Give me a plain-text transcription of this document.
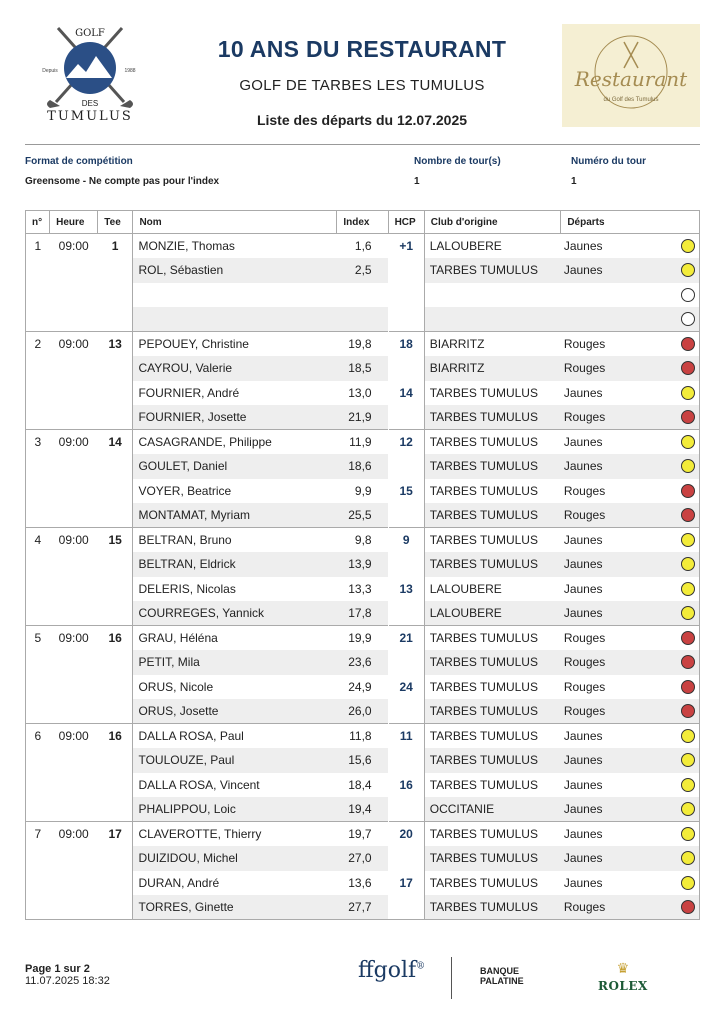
GOLF
Depuis	1988
DES
TUMULUS
10 ANS DU RESTAURANT
GOLF DE TARBES LES TUMULUS
Liste des départs du 12.07.2025
Restaurant
du Golf des Tumulus
Format de compétition
Greensome - Ne compte pas pour l'index
Nombre de tour(s)
1
Numéro du tour
1
n°	Heure	Tee	Nom	Index	HCP	Club d'origine	Départs
1	09:00	1	MONZIE, Thomas	1,6	+1	LALOUBERE	Jaunes

			ROL, Sébastien	2,5		TARBES TUMULUS	Jaunes

2	09:00	13	PEPOUEY, Christine	19,8	18	BIARRITZ	Rouges

			CAYROU, Valerie	18,5		BIARRITZ	Rouges

			FOURNIER, André	13,0	14	TARBES TUMULUS	Jaunes

			FOURNIER, Josette	21,9		TARBES TUMULUS	Rouges

3	09:00	14	CASAGRANDE, Philippe	11,9	12	TARBES TUMULUS	Jaunes

			GOULET, Daniel	18,6		TARBES TUMULUS	Jaunes

			VOYER, Beatrice	9,9	15	TARBES TUMULUS	Rouges

			MONTAMAT, Myriam	25,5		TARBES TUMULUS	Rouges

4	09:00	15	BELTRAN, Bruno	9,8	9	TARBES TUMULUS	Jaunes

			BELTRAN, Eldrick	13,9		TARBES TUMULUS	Jaunes

			DELERIS, Nicolas	13,3	13	LALOUBERE	Jaunes

			COURREGES, Yannick	17,8		LALOUBERE	Jaunes

5	09:00	16	GRAU, Héléna	19,9	21	TARBES TUMULUS	Rouges

			PETIT, Mila	23,6		TARBES TUMULUS	Rouges

			ORUS, Nicole	24,9	24	TARBES TUMULUS	Rouges

			ORUS, Josette	26,0		TARBES TUMULUS	Rouges

6	09:00	16	DALLA ROSA, Paul	11,8	11	TARBES TUMULUS	Jaunes

			TOULOUZE, Paul	15,6		TARBES TUMULUS	Jaunes

			DALLA ROSA, Vincent	18,4	16	TARBES TUMULUS	Jaunes

			PHALIPPOU, Loic	19,4		OCCITANIE	Jaunes

7	09:00	17	CLAVEROTTE, Thierry	19,7	20	TARBES TUMULUS	Jaunes

			DUIZIDOU, Michel	27,0		TARBES TUMULUS	Jaunes

			DURAN, André	13,6	17	TARBES TUMULUS	Jaunes

			TORRES, Ginette	27,7		TARBES TUMULUS	Rouges
Page 1 sur 2
11.07.2025 18:32	ffgolf®	BANQUE
PALATINE
♛
ROLEX
